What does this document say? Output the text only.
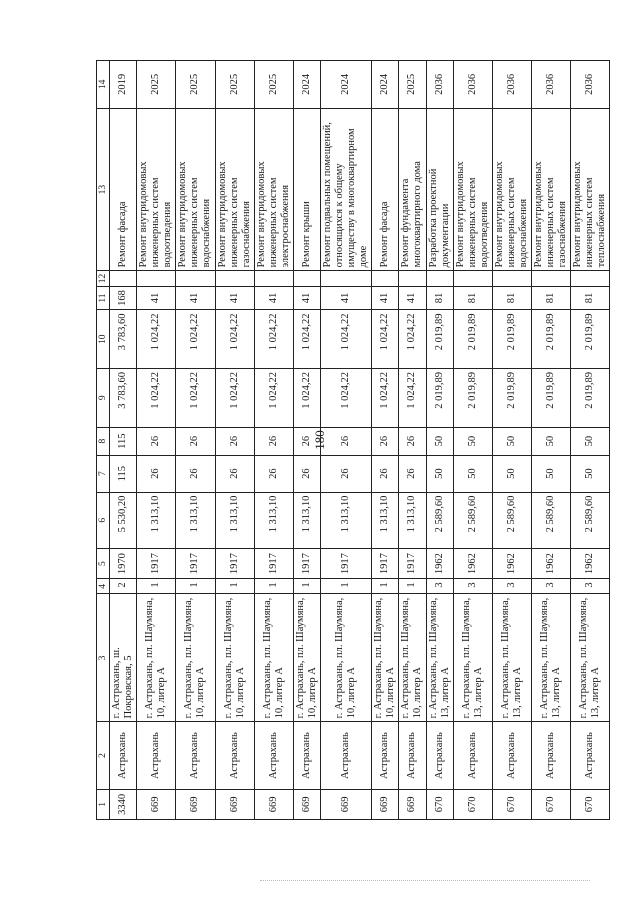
180
1	2	3	4	5	6	7	8	9	10	11	12	13	14
3340	Астрахань	г. Астрахань, ш. Покровская, 5	2	1970	5 530,20	115	115	3 783,60	3 783,60	168		Ремонт фасада	2019
669	Астрахань	г. Астрахань, пл. Шаумяна, 10, литер А	1	1917	1 313,10	26	26	1 024,22	1 024,22	41		Ремонт внутридомовых инженерных систем водоотведения	2025
669	Астрахань	г. Астрахань, пл. Шаумяна, 10, литер А	1	1917	1 313,10	26	26	1 024,22	1 024,22	41		Ремонт внутридомовых инженерных систем водоснабжения	2025
669	Астрахань	г. Астрахань, пл. Шаумяна, 10, литер А	1	1917	1 313,10	26	26	1 024,22	1 024,22	41		Ремонт внутридомовых инженерных систем газоснабжения	2025
669	Астрахань	г. Астрахань, пл. Шаумяна, 10, литер А	1	1917	1 313,10	26	26	1 024,22	1 024,22	41		Ремонт внутридомовых инженерных систем электроснабжения	2025
669	Астрахань	г. Астрахань, пл. Шаумяна, 10, литер А	1	1917	1 313,10	26	26	1 024,22	1 024,22	41		Ремонт крыши	2024
669	Астрахань	г. Астрахань, пл. Шаумяна, 10, литер А	1	1917	1 313,10	26	26	1 024,22	1 024,22	41		Ремонт подвальных помещений, относящихся к общему имуществу в многоквартирном доме	2024
669	Астрахань	г. Астрахань, пл. Шаумяна, 10, литер А	1	1917	1 313,10	26	26	1 024,22	1 024,22	41		Ремонт фасада	2024
669	Астрахань	г. Астрахань, пл. Шаумяна, 10, литер А	1	1917	1 313,10	26	26	1 024,22	1 024,22	41		Ремонт фундамента многоквартирного дома	2025
670	Астрахань	г. Астрахань, пл. Шаумяна, 13, литер А	3	1962	2 589,60	50	50	2 019,89	2 019,89	81		Разработка проектной документации	2036
670	Астрахань	г. Астрахань, пл. Шаумяна, 13, литер А	3	1962	2 589,60	50	50	2 019,89	2 019,89	81		Ремонт внутридомовых инженерных систем водоотведения	2036
670	Астрахань	г. Астрахань, пл. Шаумяна, 13, литер А	3	1962	2 589,60	50	50	2 019,89	2 019,89	81		Ремонт внутридомовых инженерных систем водоснабжения	2036
670	Астрахань	г. Астрахань, пл. Шаумяна, 13, литер А	3	1962	2 589,60	50	50	2 019,89	2 019,89	81		Ремонт внутридомовых инженерных систем газоснабжения	2036
670	Астрахань	г. Астрахань, пл. Шаумяна, 13, литер А	3	1962	2 589,60	50	50	2 019,89	2 019,89	81		Ремонт внутридомовых инженерных систем теплоснабжения	2036
